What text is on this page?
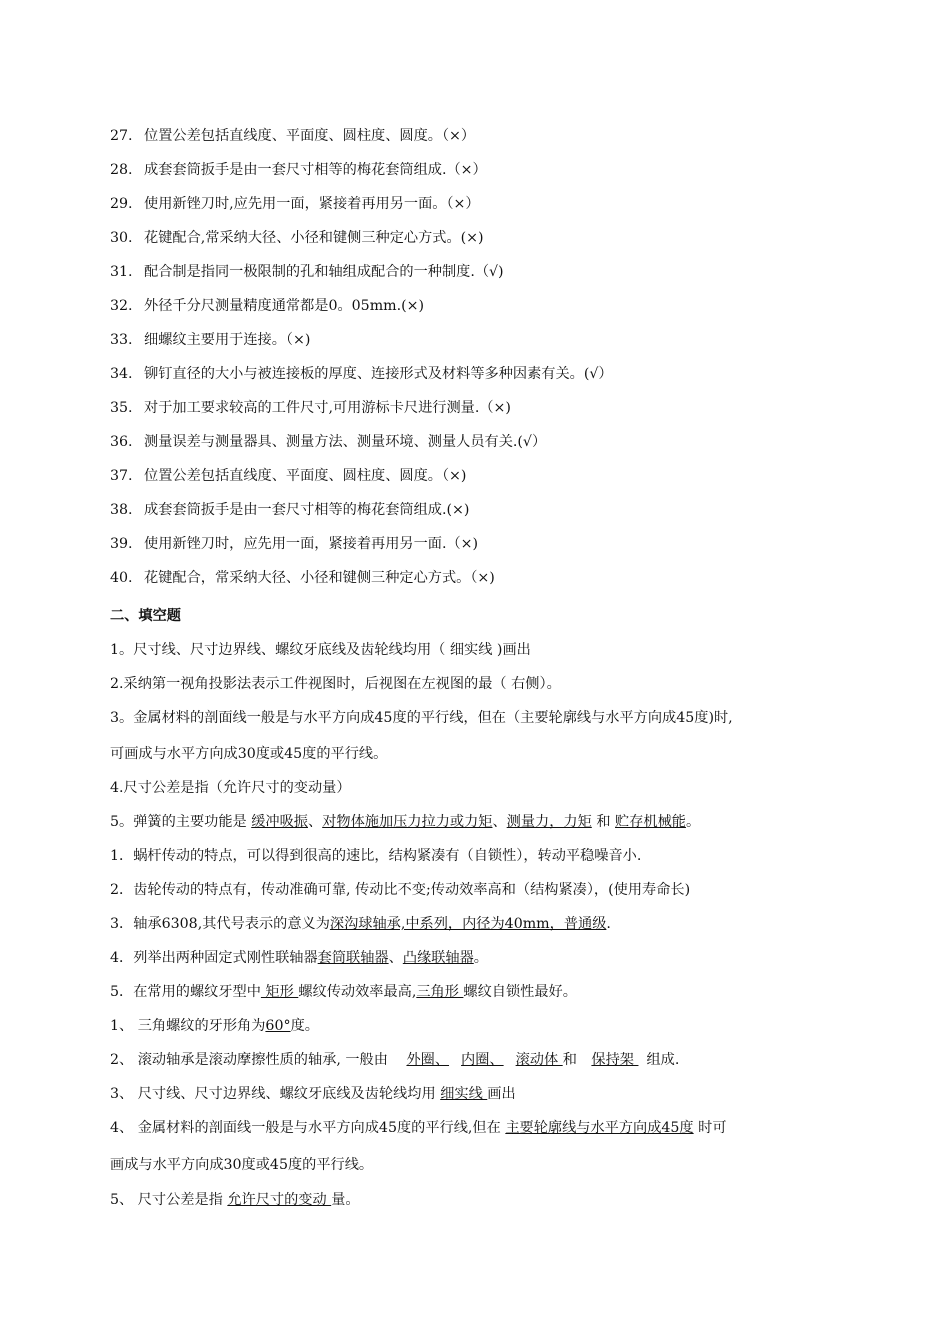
27. 位置公差包括直线度、平面度、圆柱度、圆度。（×）
28. 成套套筒扳手是由一套尺寸相等的梅花套筒组成.（×）
29. 使用新锉刀时,应先用一面，紧接着再用另一面。（×）
30. 花键配合,常采纳大径、小径和键侧三种定心方式。(×)
31. 配合制是指同一极限制的孔和轴组成配合的一种制度.（√)
32. 外径千分尺测量精度通常都是0。05mm.(×)
33. 细螺纹主要用于连接。（×)
34. 铆钉直径的大小与被连接板的厚度、连接形式及材料等多种因素有关。(√）
35. 对于加工要求较高的工件尺寸,可用游标卡尺进行测量.（×)
36. 测量误差与测量器具、测量方法、测量环境、测量人员有关.(√）
37. 位置公差包括直线度、平面度、圆柱度、圆度。（×)
38. 成套套筒扳手是由一套尺寸相等的梅花套筒组成.(×)
39. 使用新锉刀时，应先用一面，紧接着再用另一面.（×)
40. 花键配合，常采纳大径、小径和键侧三种定心方式。（×)
二、填空题
1。尺寸线、尺寸边界线、螺纹牙底线及齿轮线均用（ 细实线 )画出
2.采纳第一视角投影法表示工件视图时，后视图在左视图的最（ 右侧）。
3。金属材料的剖面线一般是与水平方向成45度的平行线，但在（主要轮廓线与水平方向成45度)时,
可画成与水平方向成30度或45度的平行线。
4.尺寸公差是指（允许尺寸的变动量）
5。弹簧的主要功能是 缓冲吸振、对物体施加压力拉力或力矩、测量力，力矩 和 贮存机械能。
1．蜗杆传动的特点，可以得到很高的速比，结构紧凑有（自锁性），转动平稳噪音小.
2．齿轮传动的特点有，传动准确可靠, 传动比不变;传动效率高和（结构紧凑），(使用寿命长)
3．轴承6308,其代号表示的意义为深沟球轴承,中系列，内径为40mm，普通级.
4．列举出两种固定式刚性联轴器套筒联轴器、凸缘联轴器。
5．在常用的螺纹牙型中 矩形 螺纹传动效率最高,三角形 螺纹自锁性最好。
1、 三角螺纹的牙形角为60°度。
2、 滚动轴承是滚动摩擦性质的轴承, 一般由 外圈、 内圈、 滚动体 和 保持架 组成.
3、 尺寸线、尺寸边界线、螺纹牙底线及齿轮线均用 细实线 画出
4、 金属材料的剖面线一般是与水平方向成45度的平行线,但在 主要轮廓线与水平方向成45度 时可
画成与水平方向成30度或45度的平行线。
5、 尺寸公差是指 允许尺寸的变动 量。
